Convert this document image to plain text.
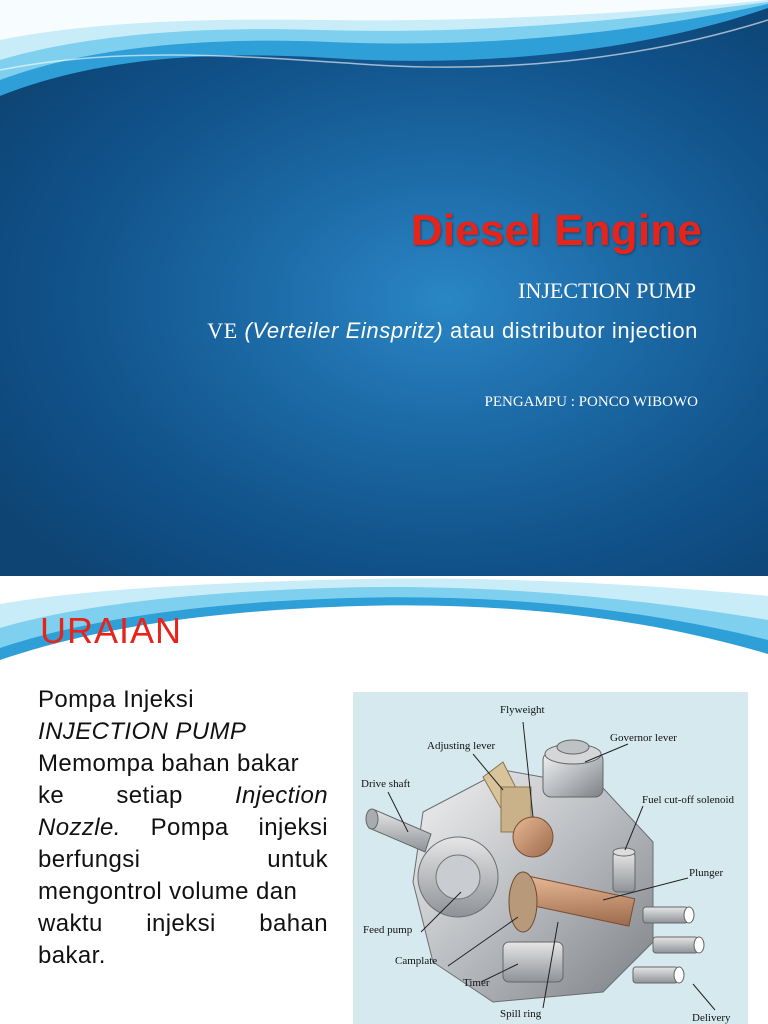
Diesel Engine
INJECTION PUMP
VE (Verteiler Einspritz) atau distributor injection
PENGAMPU : PONCO WIBOWO
URAIAN
Pompa Injeksi
INJECTION PUMP
Memompa bahan bakar
ke setiap Injection
Nozzle. Pompa injeksi
berfungsi	untuk
mengontrol volume dan
waktu injeksi bahan
bakar.
Flyweight
Adjusting lever
Governor lever
Drive shaft
Fuel cut-off solenoid
Plunger
Feed pump
Camplate
Timer
Spill ring	Delivery
